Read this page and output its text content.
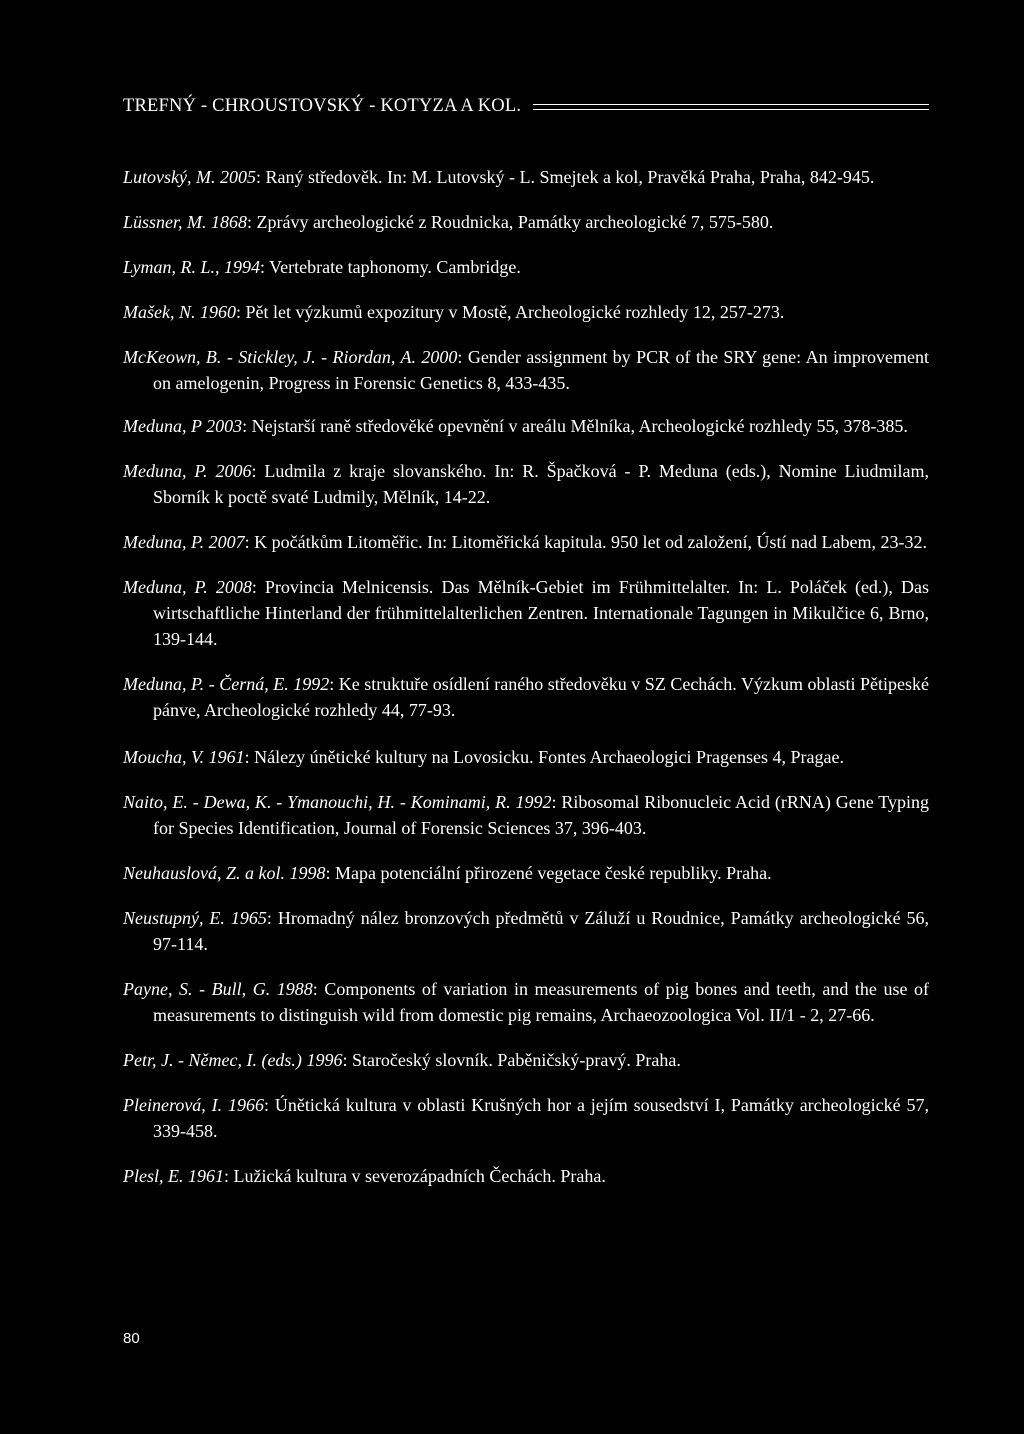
TREFNÝ - CHROUSTOVSKÝ - KOTYZA A KOL.
Lutovský, M. 2005: Raný středověk. In: M. Lutovský - L. Smejtek a kol, Pravěká Praha, Praha, 842-945.
Lüssner, M. 1868: Zprávy archeologické z Roudnicka, Památky archeologické 7, 575-580.
Lyman, R. L., 1994: Vertebrate taphonomy. Cambridge.
Mašek, N. 1960: Pět let výzkumů expozitury v Mostě, Archeologické rozhledy 12, 257-273.
McKeown, B. - Stickley, J. - Riordan, A. 2000: Gender assignment by PCR of the SRY gene: An improvement on amelogenin, Progress in Forensic Genetics 8, 433-435.
Meduna, P 2003: Nejstarší raně středověké opevnění v areálu Mělníka, Archeologické rozhledy 55, 378-385.
Meduna, P. 2006: Ludmila z kraje slovanského. In: R. Špačková - P. Meduna (eds.), Nomine Liudmilam, Sborník k poctě svaté Ludmily, Mělník, 14-22.
Meduna, P. 2007: K počátkům Litoměřic. In: Litoměřická kapitula. 950 let od založení, Ústí nad Labem, 23-32.
Meduna, P. 2008: Provincia Melnicensis. Das Mělník-Gebiet im Frühmittelalter. In: L. Poláček (ed.), Das wirtschaftliche Hinterland der frühmittelalterlichen Zentren. Internationale Tagungen in Mikulčice 6, Brno, 139-144.
Meduna, P. - Černá, E. 1992: Ke struktuře osídlení raného středověku v SZ Cechách. Výzkum oblasti Pětipeské pánve, Archeologické rozhledy 44, 77-93.
Moucha, V. 1961: Nálezy únětické kultury na Lovosicku. Fontes Archaeologici Pragenses 4, Pragae.
Naito, E. - Dewa, K. - Ymanouchi, H. - Kominami, R. 1992: Ribosomal Ribonucleic Acid (rRNA) Gene Typing for Species Identification, Journal of Forensic Sciences 37, 396-403.
Neuhauslová, Z. a kol. 1998: Mapa potenciální přirozené vegetace české republiky. Praha.
Neustupný, E. 1965: Hromadný nález bronzových předmětů v Záluží u Roudnice, Památky archeologické 56, 97-114.
Payne, S. - Bull, G. 1988: Components of variation in measurements of pig bones and teeth, and the use of measurements to distinguish wild from domestic pig remains, Archaeozoologica Vol. II/1 - 2, 27-66.
Petr, J. - Němec, I. (eds.) 1996: Staročeský slovník. Paběničský-pravý. Praha.
Pleinerová, I. 1966: Únětická kultura v oblasti Krušných hor a jejím sousedství I, Památky archeologické 57, 339-458.
Plesl, E. 1961: Lužická kultura v severozápadních Čechách. Praha.
80
